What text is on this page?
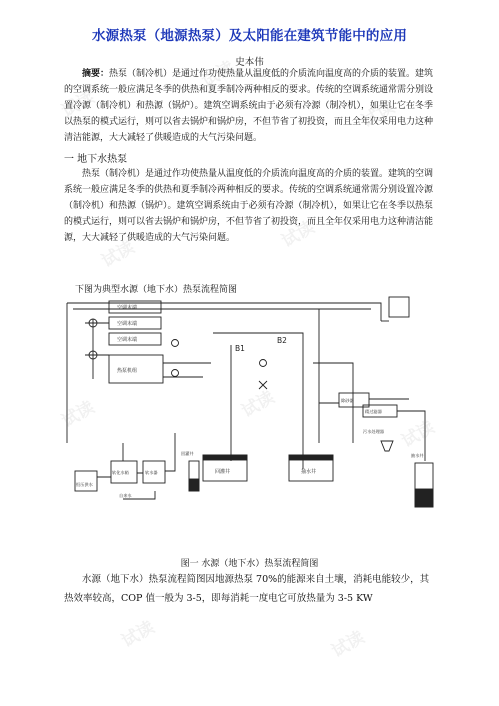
水源热泵（地源热泵）及太阳能在建筑节能中的应用
史本伟

摘要：热泵（制冷机）是通过作功使热量从温度低的介质流向温度高的介质的装置。建筑的空调系统一般应满足冬季的供热和夏季制冷两种相反的要求。传统的空调系统通常需分别设置冷源（制冷机）和热源（锅炉）。建筑空调系统由于必须有冷源（制冷机），如果让它在冬季以热泵的模式运行，则可以省去锅炉和锅炉房，不但节省了初投资，而且全年仅采用电力这种清洁能源，大大减轻了供暖造成的大气污染问题。

一 地下水热泵

热泵（制冷机）是通过作功使热量从温度低的介质流向温度高的介质的装置。建筑的空调系统一般应满足冬季的供热和夏季制冷两种相反的要求。传统的空调系统通常需分别设置冷源（制冷机）和热源（锅炉）。建筑空调系统由于必须有冷源（制冷机），如果让它在冬季以热泵的模式运行，则可以省去锅炉和锅炉房，不但节省了初投资，而且全年仅采用电力这种清洁能源，大大减轻了供暖造成的大气污染问题。

下图为典型水源（地下水）热泵流程简图
空调末端
空调末端
空调末端
热泵机组
B1
B2
恒压供水
软化水箱	软水器
自来水
回灌井	抽水井
回灌井
除砂器
精过滤器
污水处理器
抽水井
图一 水源（地下水）热泵流程简图

水源（地下水）热泵流程简图因地源热泵 70%的能源来自土壤，消耗电能较少，其热效率较高，COP 值一般为 3-5，即每消耗一度电它可放热量为 3-5 KW

试读
试读
试读
试读
试读
试读	试读
试读
试读	试读
